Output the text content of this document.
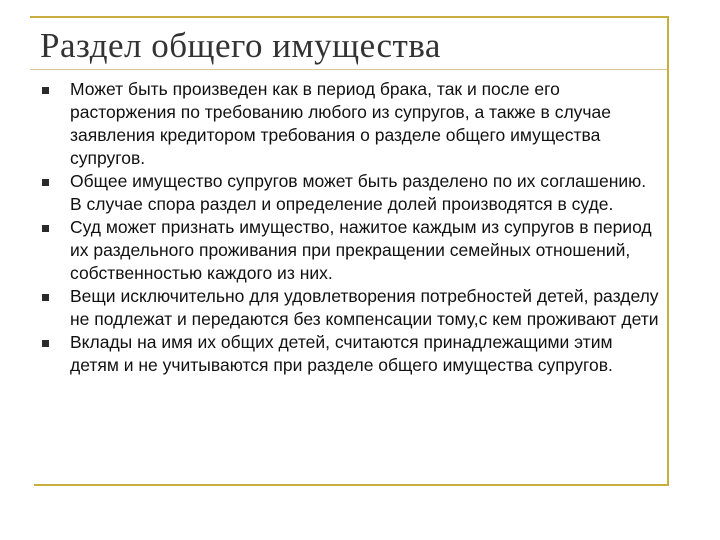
Раздел общего имущества
Может быть произведен как в период брака, так и после его расторжения по требованию любого из супругов, а также в случае заявления кредитором требования о разделе общего имущества супругов.
Общее имущество супругов может быть разделено по их соглашению. В случае спора раздел и определение долей производятся в суде.
Суд может признать имущество, нажитое каждым из супругов в период их раздельного проживания при прекращении семейных отношений, собственностью каждого из них.
Вещи исключительно для удовлетворения потребностей детей, разделу не подлежат и передаются без компенсации тому,с кем проживают дети
Вклады на имя их общих детей, считаются принадлежащими этим детям и не учитываются при разделе общего имущества супругов.
